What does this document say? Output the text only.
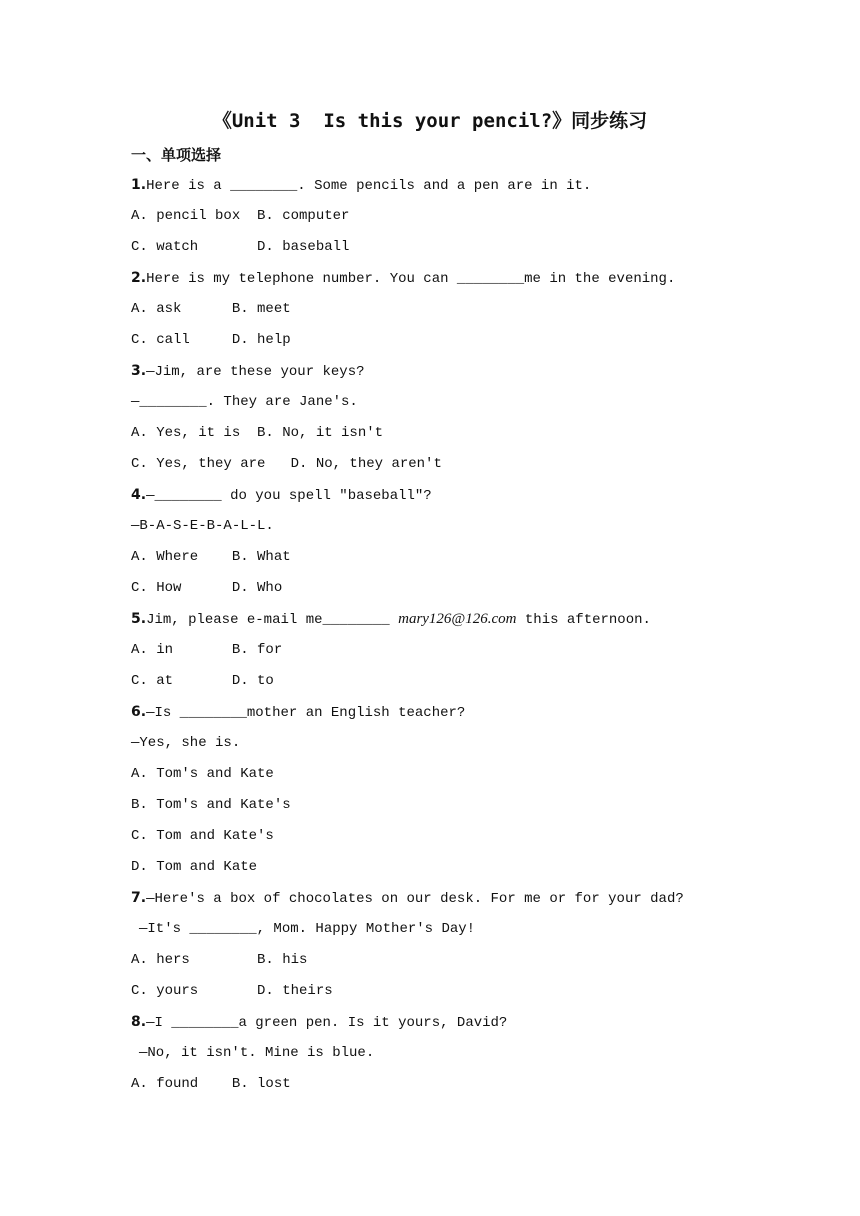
《Unit 3  Is this your pencil?》同步练习
一、单项选择
1.Here is a ________. Some pencils and a pen are in it.
A. pencil box  B. computer
C. watch       D. baseball
2.Here is my telephone number. You can ________me in the evening.
A. ask      B. meet
C. call     D. help
3.—Jim, are these your keys?
—________. They are Jane's.
A. Yes, it is  B. No, it isn't
C. Yes, they are   D. No, they aren't
4.—________ do you spell "baseball"?
—B-A-S-E-B-A-L-L.
A. Where    B. What
C. How      D. Who
5.Jim, please e-mail me________ mary126@126.com this afternoon.
A. in       B. for
C. at       D. to
6.—Is ________mother an English teacher?
—Yes, she is.
A. Tom's and Kate
B. Tom's and Kate's
C. Tom and Kate's
D. Tom and Kate
7.—Here's a box of chocolates on our desk. For me or for your dad?
—It's ________, Mom. Happy Mother's Day!
A. hers        B. his
C. yours       D. theirs
8.—I ________a green pen. Is it yours, David?
—No, it isn't. Mine is blue.
A. found    B. lost
